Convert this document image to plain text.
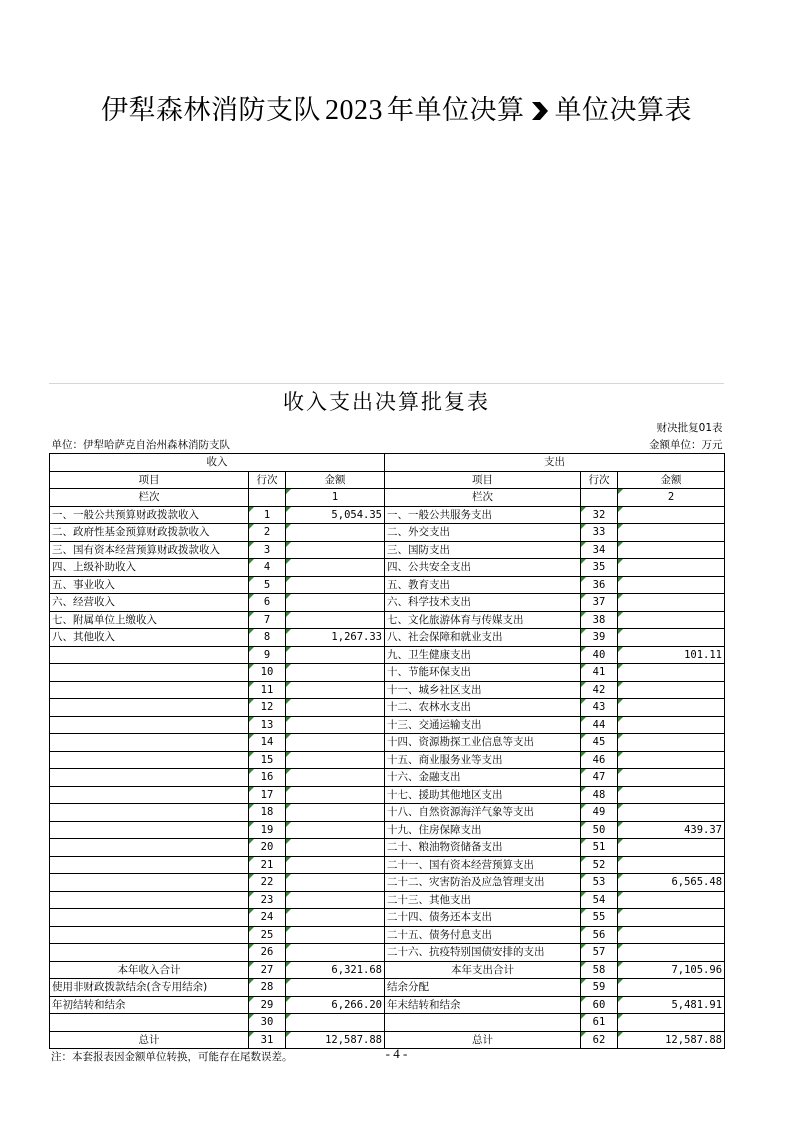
伊犁森林消防支队 2023 年单位决算 单位决算表
收入支出决算批复表
					财决批复01表
单位：伊犁哈萨克自治州森林消防支队					金额单位：万元
收入			支出		
项目	行次	金额	项目	行次	金额
栏次		1	栏次		2
一、一般公共预算财政拨款收入	1	5,054.35	一、一般公共服务支出	32	
二、政府性基金预算财政拨款收入	2		二、外交支出	33	
三、国有资本经营预算财政拨款收入	3		三、国防支出	34	
四、上级补助收入	4		四、公共安全支出	35	
五、事业收入	5		五、教育支出	36	
六、经营收入	6		六、科学技术支出	37	
七、附属单位上缴收入	7		七、文化旅游体育与传媒支出	38	
八、其他收入	8	1,267.33	八、社会保障和就业支出	39	
	9		九、卫生健康支出	40	101.11
	10		十、节能环保支出	41	
	11		十一、城乡社区支出	42	
	12		十二、农林水支出	43	
	13		十三、交通运输支出	44	
	14		十四、资源勘探工业信息等支出	45	
	15		十五、商业服务业等支出	46	
	16		十六、金融支出	47	
	17		十七、援助其他地区支出	48	
	18		十八、自然资源海洋气象等支出	49	
	19		十九、住房保障支出	50	439.37
	20		二十、粮油物资储备支出	51	
	21		二十一、国有资本经营预算支出	52	
	22		二十二、灾害防治及应急管理支出	53	6,565.48
	23		二十三、其他支出	54	
	24		二十四、债务还本支出	55	
	25		二十五、债务付息支出	56	
	26		二十六、抗疫特别国债安排的支出	57	
本年收入合计	27	6,321.68	本年支出合计	58	7,105.96
使用非财政拨款结余(含专用结余)	28		结余分配	59	
年初结转和结余	29	6,266.20	年末结转和结余	60	5,481.91
	30			61	
总计	31	12,587.88	总计	62	12,587.88
注：本套报表因金额单位转换，可能存在尾数误差。	- 4 -
